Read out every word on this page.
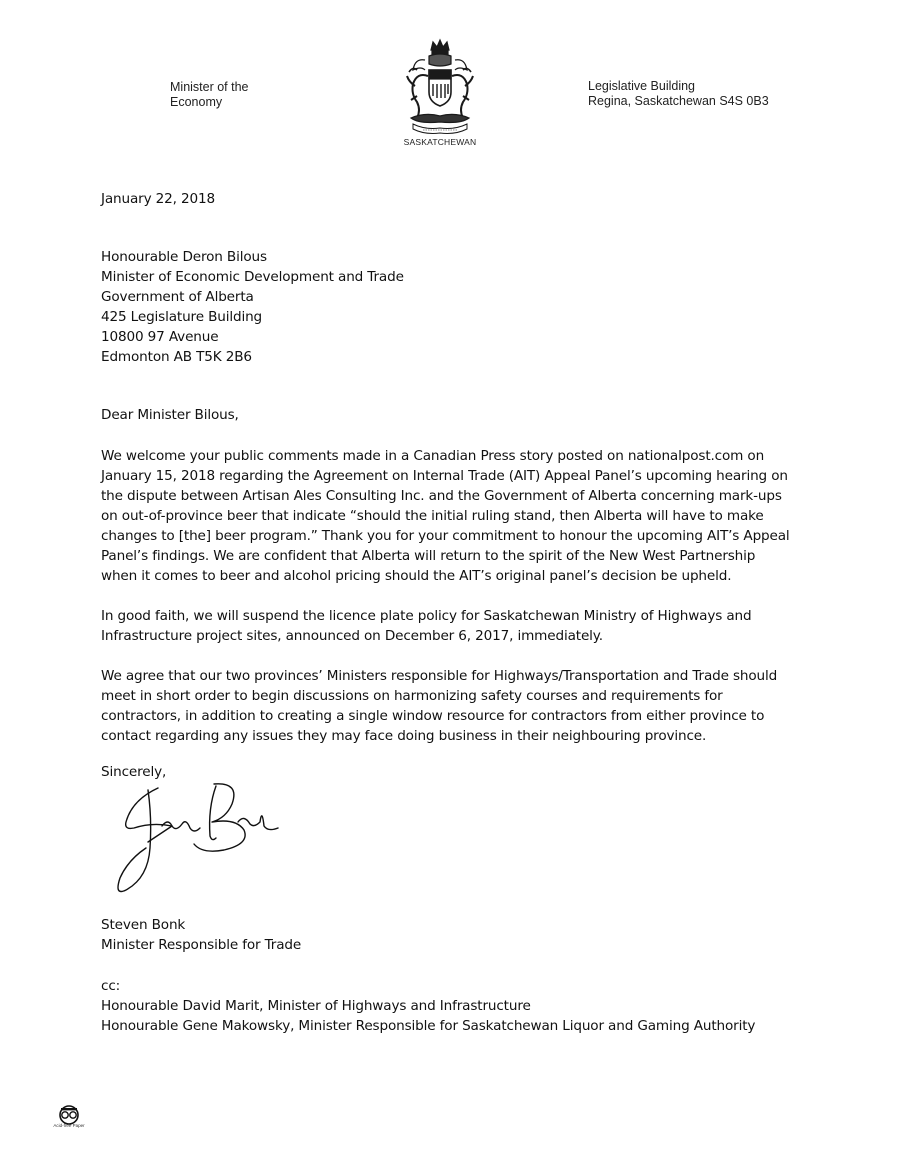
Minister of the
Economy
SASKATCHEWAN
Legislative Building
Regina, Saskatchewan S4S 0B3
January 22, 2018
Honourable Deron Bilous
Minister of Economic Development and Trade
Government of Alberta
425 Legislature Building
10800 97 Avenue
Edmonton AB T5K 2B6
Dear Minister Bilous,
We welcome your public comments made in a Canadian Press story posted on nationalpost.com on
January 15, 2018 regarding the Agreement on Internal Trade (AIT) Appeal Panel’s upcoming hearing on
the dispute between Artisan Ales Consulting Inc. and the Government of Alberta concerning mark-ups
on out-of-province beer that indicate “should the initial ruling stand, then Alberta will have to make
changes to [the] beer program.” Thank you for your commitment to honour the upcoming AIT’s Appeal
Panel’s findings. We are confident that Alberta will return to the spirit of the New West Partnership
when it comes to beer and alcohol pricing should the AIT’s original panel’s decision be upheld.
In good faith, we will suspend the licence plate policy for Saskatchewan Ministry of Highways and
Infrastructure project sites, announced on December 6, 2017, immediately.
We agree that our two provinces’ Ministers responsible for Highways/Transportation and Trade should
meet in short order to begin discussions on harmonizing safety courses and requirements for
contractors, in addition to creating a single window resource for contractors from either province to
contact regarding any issues they may face doing business in their neighbouring province.
Sincerely,
Steven Bonk
Minister Responsible for Trade
cc:
Honourable David Marit, Minister of Highways and Infrastructure
Honourable Gene Makowsky, Minister Responsible for Saskatchewan Liquor and Gaming Authority
Acid-free Paper
